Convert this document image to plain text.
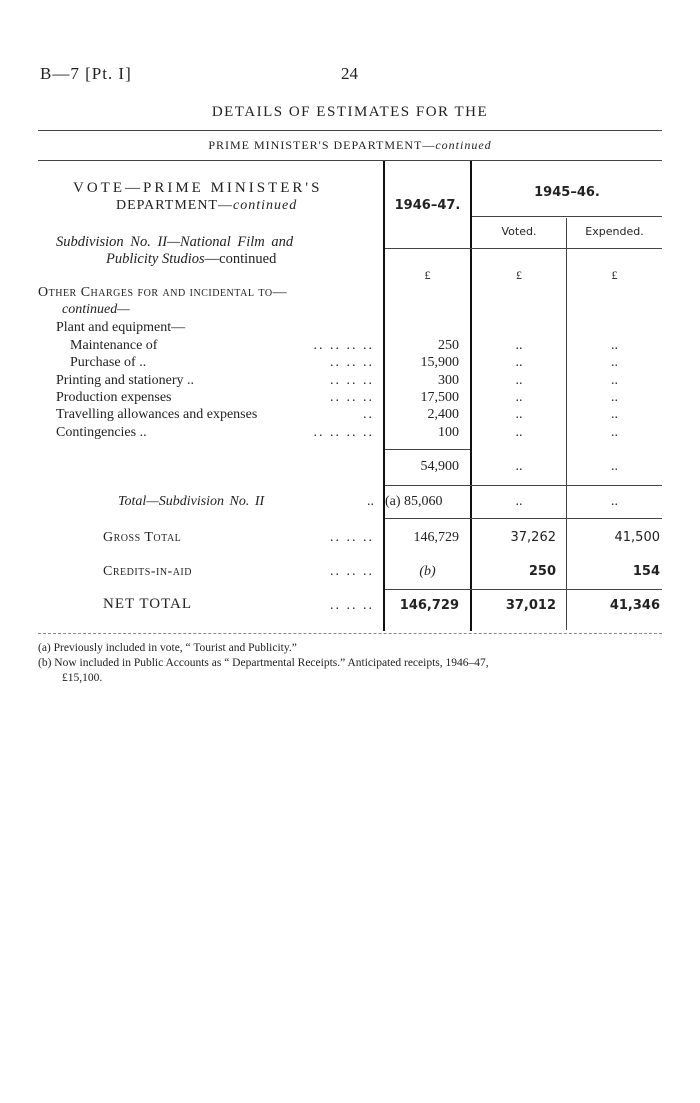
B—7 [Pt. I]	24
DETAILS OF ESTIMATES FOR THE
PRIME MINISTER'S DEPARTMENT—continued
1946–47.
1945–46.
Voted.	Expended.
£	£	£
VOTE—PRIME MINISTER'S
DEPARTMENT—continued
Subdivision No. II—National Film and
Publicity Studios—continued
Other Charges for and incidental to—
continued—
Plant and equipment—
Maintenance of	.. .. .. ..	250	..	..
Purchase of ..	.. .. ..	15,900	..	..
Printing and stationery ..	.. .. ..	300	..	..
Production expenses	.. .. ..	17,500	..	..
Travelling allowances and expenses	..	2,400	..	..
Contingencies ..	.. .. .. ..	100	..	..
54,900	..	..
Total—Subdivision No. II	.. (a) 85,060	..	..
Gross Total	.. .. ..	146,729	37,262	41,500
Credits-in-aid	.. .. ..	(b)	250	154
NET TOTAL	.. .. ..	146,729	37,012	41,346
(a) Previously included in vote, “ Tourist and Publicity.”
(b) Now included in Public Accounts as “ Departmental Receipts.” Anticipated receipts, 1946–47,
£15,100.
